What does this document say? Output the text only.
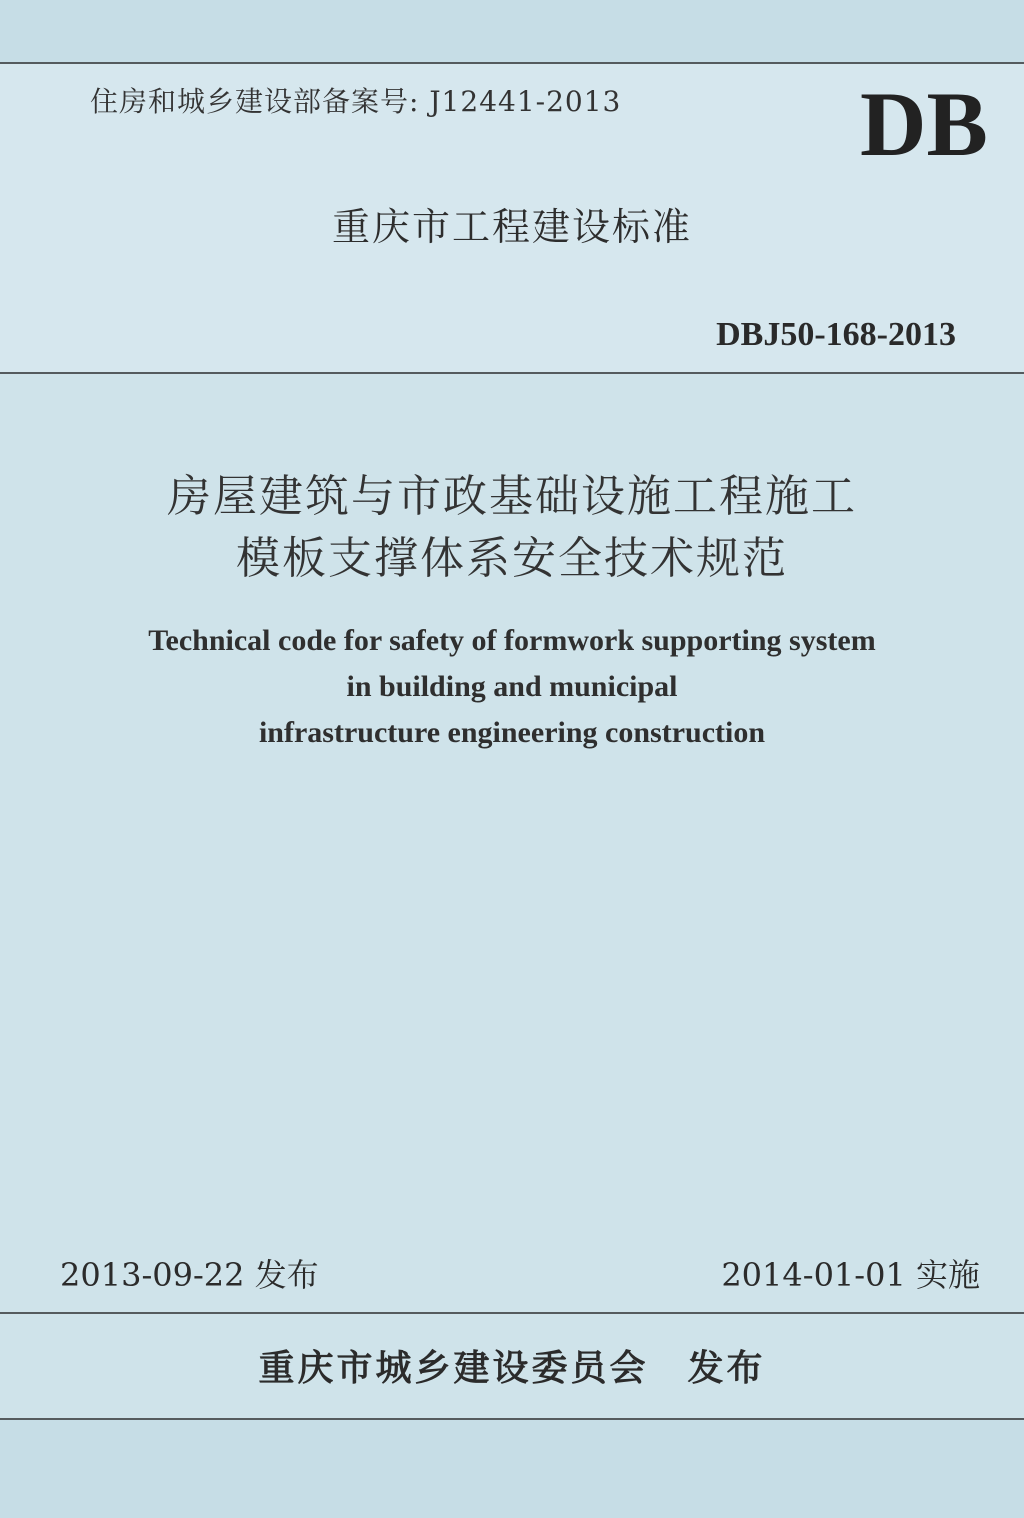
住房和城乡建设部备案号: J12441-2013	DB
重庆市工程建设标准
DBJ50-168-2013
房屋建筑与市政基础设施工程施工
模板支撑体系安全技术规范
Technical code for safety of formwork supporting system
in building and municipal
infrastructure engineering construction
2013-09-22 发布	2014-01-01 实施
重庆市城乡建设委员会　发布
